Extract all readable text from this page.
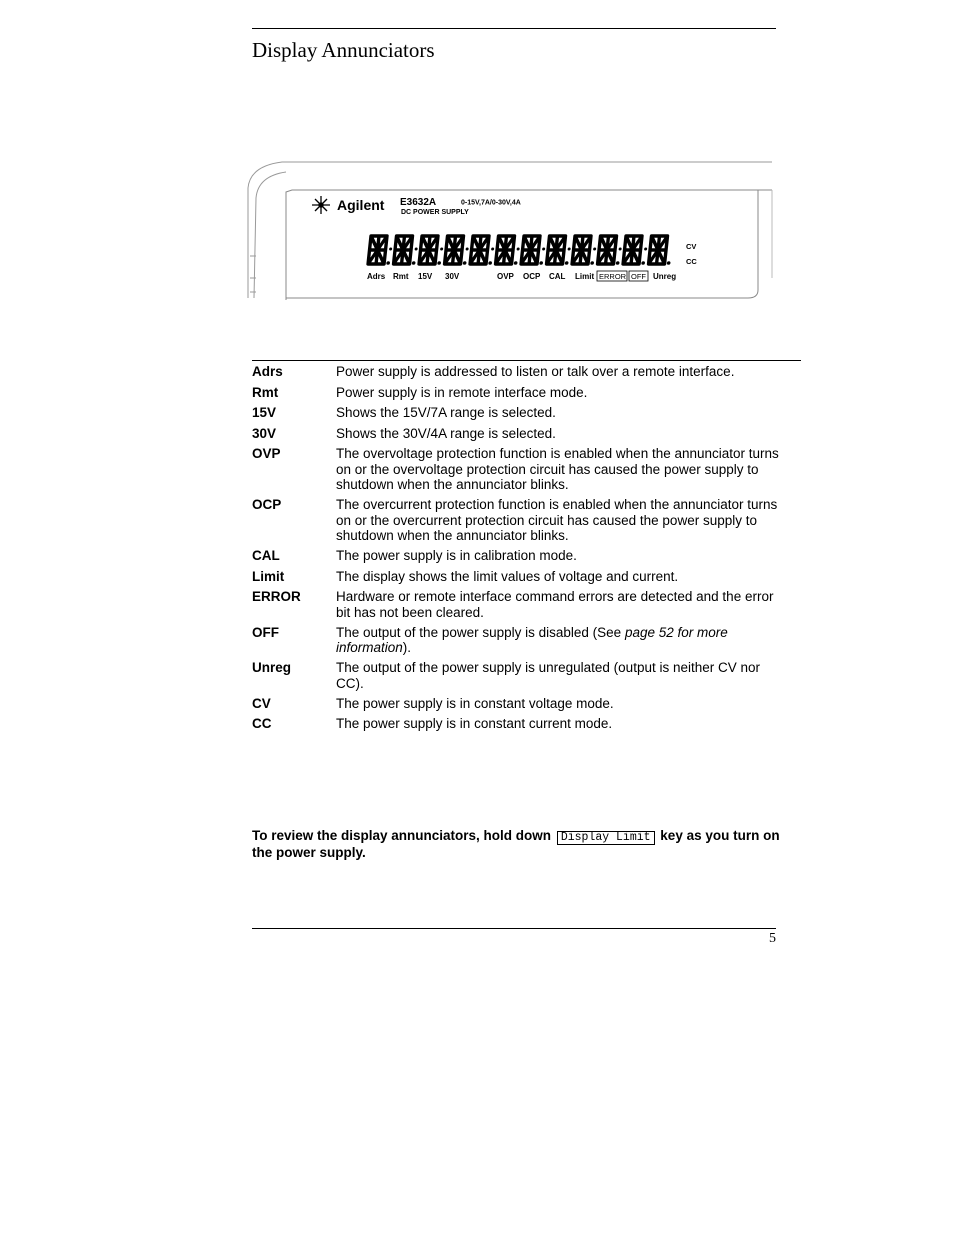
Display Annunciators
Agilent E3632A	0-15V,7A/0-30V,4A
DC POWER SUPPLY
CV
CC
Adrs Rmt 15V 30V	OVP OCP CAL Limit ERROR OFF Unreg
Adrs	Power supply is addressed to listen or talk over a remote interface.
Rmt	Power supply is in remote interface mode.
15V	Shows the 15V/7A range is selected.
30V	Shows the 30V/4A range is selected.
OVP	The overvoltage protection function is enabled when the annunciator turns on or the overvoltage protection circuit has caused the power supply to shutdown when the annunciator blinks.
OCP	The overcurrent protection function is enabled when the annunciator turns on or the overcurrent protection circuit has caused the power supply to shutdown when the annunciator blinks.
CAL	The power supply is in calibration mode.
Limit	The display shows the limit values of voltage and current.
ERROR	Hardware or remote interface command errors are detected and the error bit has not been cleared.
OFF	The output of the power supply is disabled (See page 52 for more information).
Unreg	The output of the power supply is unregulated (output is neither CV nor CC).
CV	The power supply is in constant voltage mode.
CC	The power supply is in constant current mode.
To review the display annunciators, hold down Display Limit key as you turn on the power supply.
5
